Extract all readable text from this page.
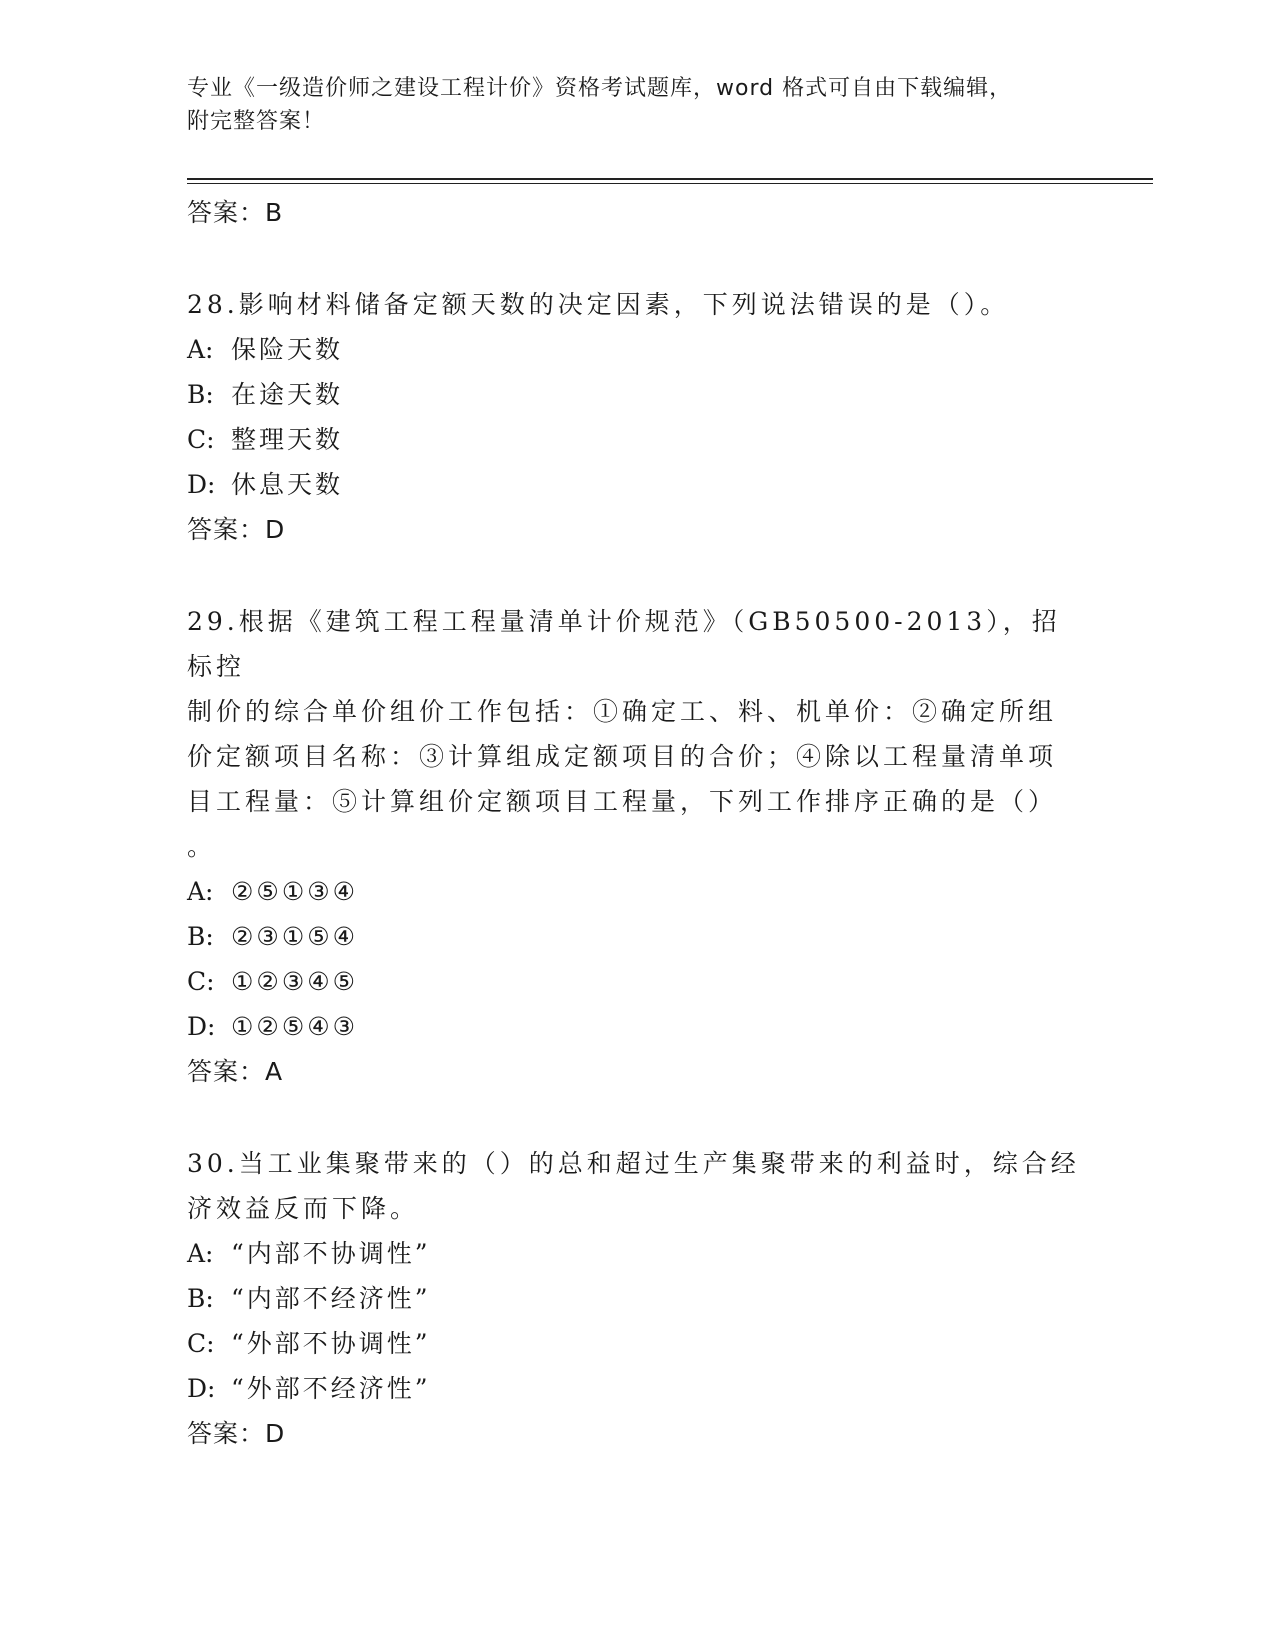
专业《一级造价师之建设工程计价》资格考试题库，word 格式可自由下载编辑，
附完整答案！
答案：B
28.影响材料储备定额天数的决定因素，下列说法错误的是（）。
A: 保险天数
B: 在途天数
C: 整理天数
D: 休息天数
答案：D
29.根据《建筑工程工程量清单计价规范》（GB50500-2013），招标控
制价的综合单价组价工作包括：①确定工、料、机单价：②确定所组
价定额项目名称：③计算组成定额项目的合价；④除以工程量清单项
目工程量：⑤计算组价定额项目工程量，下列工作排序正确的是（）
。
A: ②⑤①③④
B: ②③①⑤④
C: ①②③④⑤
D: ①②⑤④③
答案：A
30.当工业集聚带来的（）的总和超过生产集聚带来的利益时，综合经
济效益反而下降。
A: “内部不协调性”
B: “内部不经济性”
C: “外部不协调性”
D: “外部不经济性”
答案：D
